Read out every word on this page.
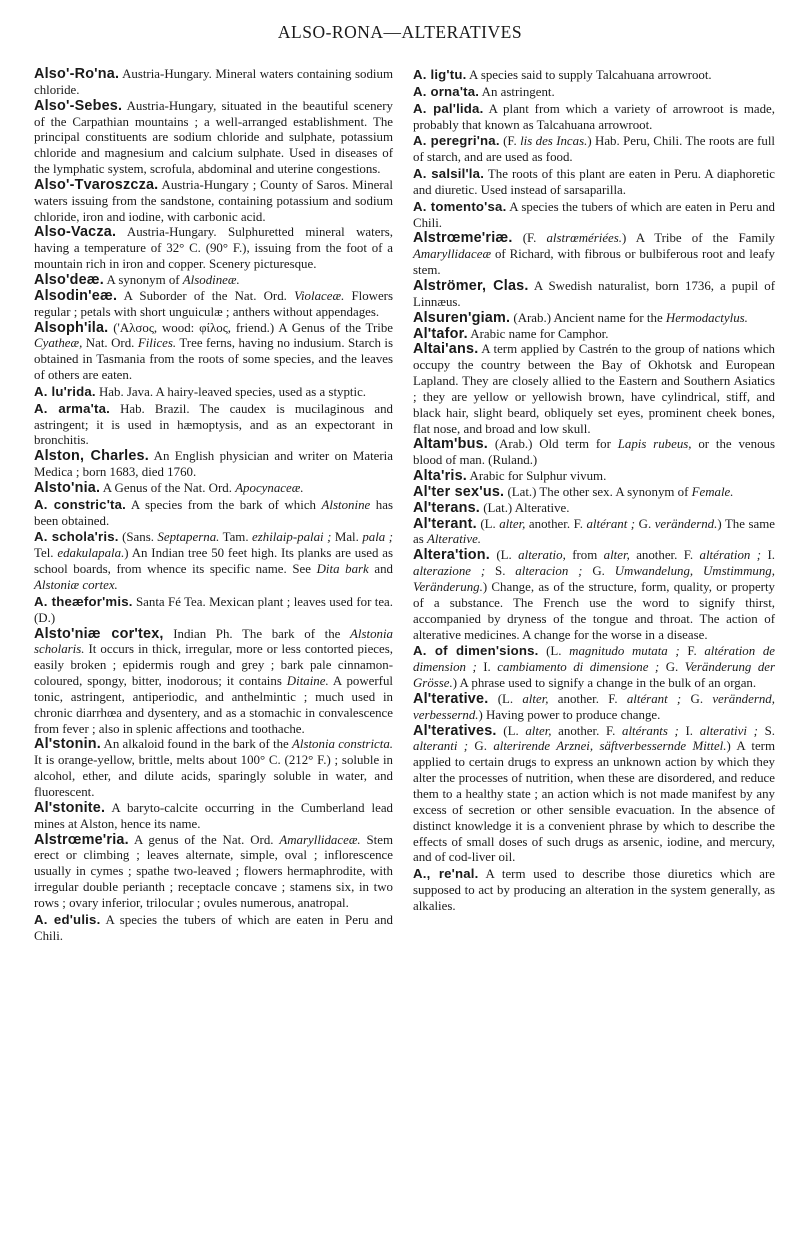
ALSO-RONA—ALTERATIVES

Also'-Ro'na. Austria-Hungary. Mineral waters containing sodium chloride.

Also'-Sebes. Austria-Hungary, situated in the beautiful scenery of the Carpathian mountains ; a well-arranged establishment. The principal constituents are sodium chloride and sulphate, potassium chloride and magnesium and calcium sulphate. Used in diseases of the lymphatic system, scrofula, abdominal and uterine congestions.

Also'-Tvaroszcza. Austria-Hungary ; County of Saros. Mineral waters issuing from the sandstone, containing potassium and sodium chloride, iron and iodine, with carbonic acid.

Also-Vacza. Austria-Hungary. Sulphuretted mineral waters, having a temperature of 32° C. (90° F.), issuing from the foot of a mountain rich in iron and copper. Scenery picturesque.

Also'deæ. A synonym of Alsodineæ.

Alsodin'eæ. A Suborder of the Nat. Ord. Violaceæ. Flowers regular ; petals with short unguiculæ ; anthers without appendages.

Alsoph'ila. ('Αλσος, wood: φίλος, friend.) A Genus of the Tribe Cyatheæ, Nat. Ord. Filices. Tree ferns, having no indusium. Starch is obtained in Tasmania from the roots of some species, and the leaves of others are eaten.

A. lu'rida. Hab. Java. A hairy-leaved species, used as a styptic.

A. arma'ta. Hab. Brazil. The caudex is mucilaginous and astringent; it is used in hæmoptysis, and as an expectorant in bronchitis.

Alston, Charles. An English physician and writer on Materia Medica ; born 1683, died 1760.

Alsto'nia. A Genus of the Nat. Ord. Apocynaceæ.

A. constric'ta. A species from the bark of which Alstonine has been obtained.

A. schola'ris. (Sans. Septaperna. Tam. ezhilaip-palai ; Mal. pala ; Tel. edakulapala.) An Indian tree 50 feet high. Its planks are used as school boards, from whence its specific name. See Dita bark and Alstoniæ cortex.

A. theæfor'mis. Santa Fé Tea. Mexican plant ; leaves used for tea. (D.)

Alsto'niæ cor'tex, Indian Ph. The bark of the Alstonia scholaris. It occurs in thick, irregular, more or less contorted pieces, easily broken ; epidermis rough and grey ; bark pale cinnamon-coloured, spongy, bitter, inodorous; it contains Ditaine. A powerful tonic, astringent, antiperiodic, and anthelmintic ; much used in chronic diarrhœa and dysentery, and as a stomachic in convalescence from fever ; also in splenic affections and toothache.

Al'stonin. An alkaloid found in the bark of the Alstonia constricta. It is orange-yellow, brittle, melts about 100° C. (212° F.) ; soluble in alcohol, ether, and dilute acids, sparingly soluble in water, and fluorescent.

Al'stonite. A baryto-calcite occurring in the Cumberland lead mines at Alston, hence its name.

Alstrœme'ria. A genus of the Nat. Ord. Amaryllidaceæ. Stem erect or climbing ; leaves alternate, simple, oval ; inflorescence usually in cymes ; spathe two-leaved ; flowers hermaphrodite, with irregular double perianth ; receptacle concave ; stamens six, in two rows ; ovary inferior, trilocular ; ovules numerous, anatropal.

A. ed'ulis. A species the tubers of which are eaten in Peru and Chili.

A. lig'tu. A species said to supply Talcahuana arrowroot.

A. orna'ta. An astringent.

A. pal'lida. A plant from which a variety of arrowroot is made, probably that known as Talcahuana arrowroot.

A. peregri'na. (F. lis des Incas.) Hab. Peru, Chili. The roots are full of starch, and are used as food.

A. salsil'la. The roots of this plant are eaten in Peru. A diaphoretic and diuretic. Used instead of sarsaparilla.

A. tomento'sa. A species the tubers of which are eaten in Peru and Chili.

Alstrœme'riæ. (F. alstrœmériées.) A Tribe of the Family Amaryllidaceæ of Richard, with fibrous or bulbiferous root and leafy stem.

Alströmer, Clas. A Swedish naturalist, born 1736, a pupil of Linnæus.

Alsuren'giam. (Arab.) Ancient name for the Hermodactylus.

Al'tafor. Arabic name for Camphor.

Altai'ans. A term applied by Castrén to the group of nations which occupy the country between the Bay of Okhotsk and European Lapland. They are closely allied to the Eastern and Southern Asiatics ; they are yellow or yellowish brown, have cylindrical, stiff, and black hair, slight beard, obliquely set eyes, prominent cheek bones, flat nose, and broad and low skull.

Altam'bus. (Arab.) Old term for Lapis rubeus, or the venous blood of man. (Ruland.)

Alta'ris. Arabic for Sulphur vivum.

Al'ter sex'us. (Lat.) The other sex. A synonym of Female.

Al'terans. (Lat.) Alterative.

Al'terant. (L. alter, another. F. altérant ; G. verändernd.) The same as Alterative.

Altera'tion. (L. alteratio, from alter, another. F. altération ; I. alterazione ; S. alteracion ; G. Umwandelung, Umstimmung, Veränderung.) Change, as of the structure, form, quality, or property of a substance. The French use the word to signify thirst, accompanied by dryness of the tongue and throat. The action of alterative medicines. A change for the worse in a disease.

A. of dimen'sions. (L. magnitudo mutata ; F. altération de dimension ; I. cambiamento di dimensione ; G. Veränderung der Grösse.) A phrase used to signify a change in the bulk of an organ.

Al'terative. (L. alter, another. F. altérant ; G. verändernd, verbessernd.) Having power to produce change.

Al'teratives. (L. alter, another. F. altérants ; I. alterativi ; S. alteranti ; G. alterirende Arznei, säftverbessernde Mittel.) A term applied to certain drugs to express an unknown action by which they alter the processes of nutrition, when these are disordered, and reduce them to a healthy state ; an action which is not made manifest by any excess of secretion or other sensible evacuation. In the absence of distinct knowledge it is a convenient phrase by which to describe the effects of small doses of such drugs as arsenic, iodine, and mercury, and of cod-liver oil.

A., re'nal. A term used to describe those diuretics which are supposed to act by producing an alteration in the system generally, as alkalies.
